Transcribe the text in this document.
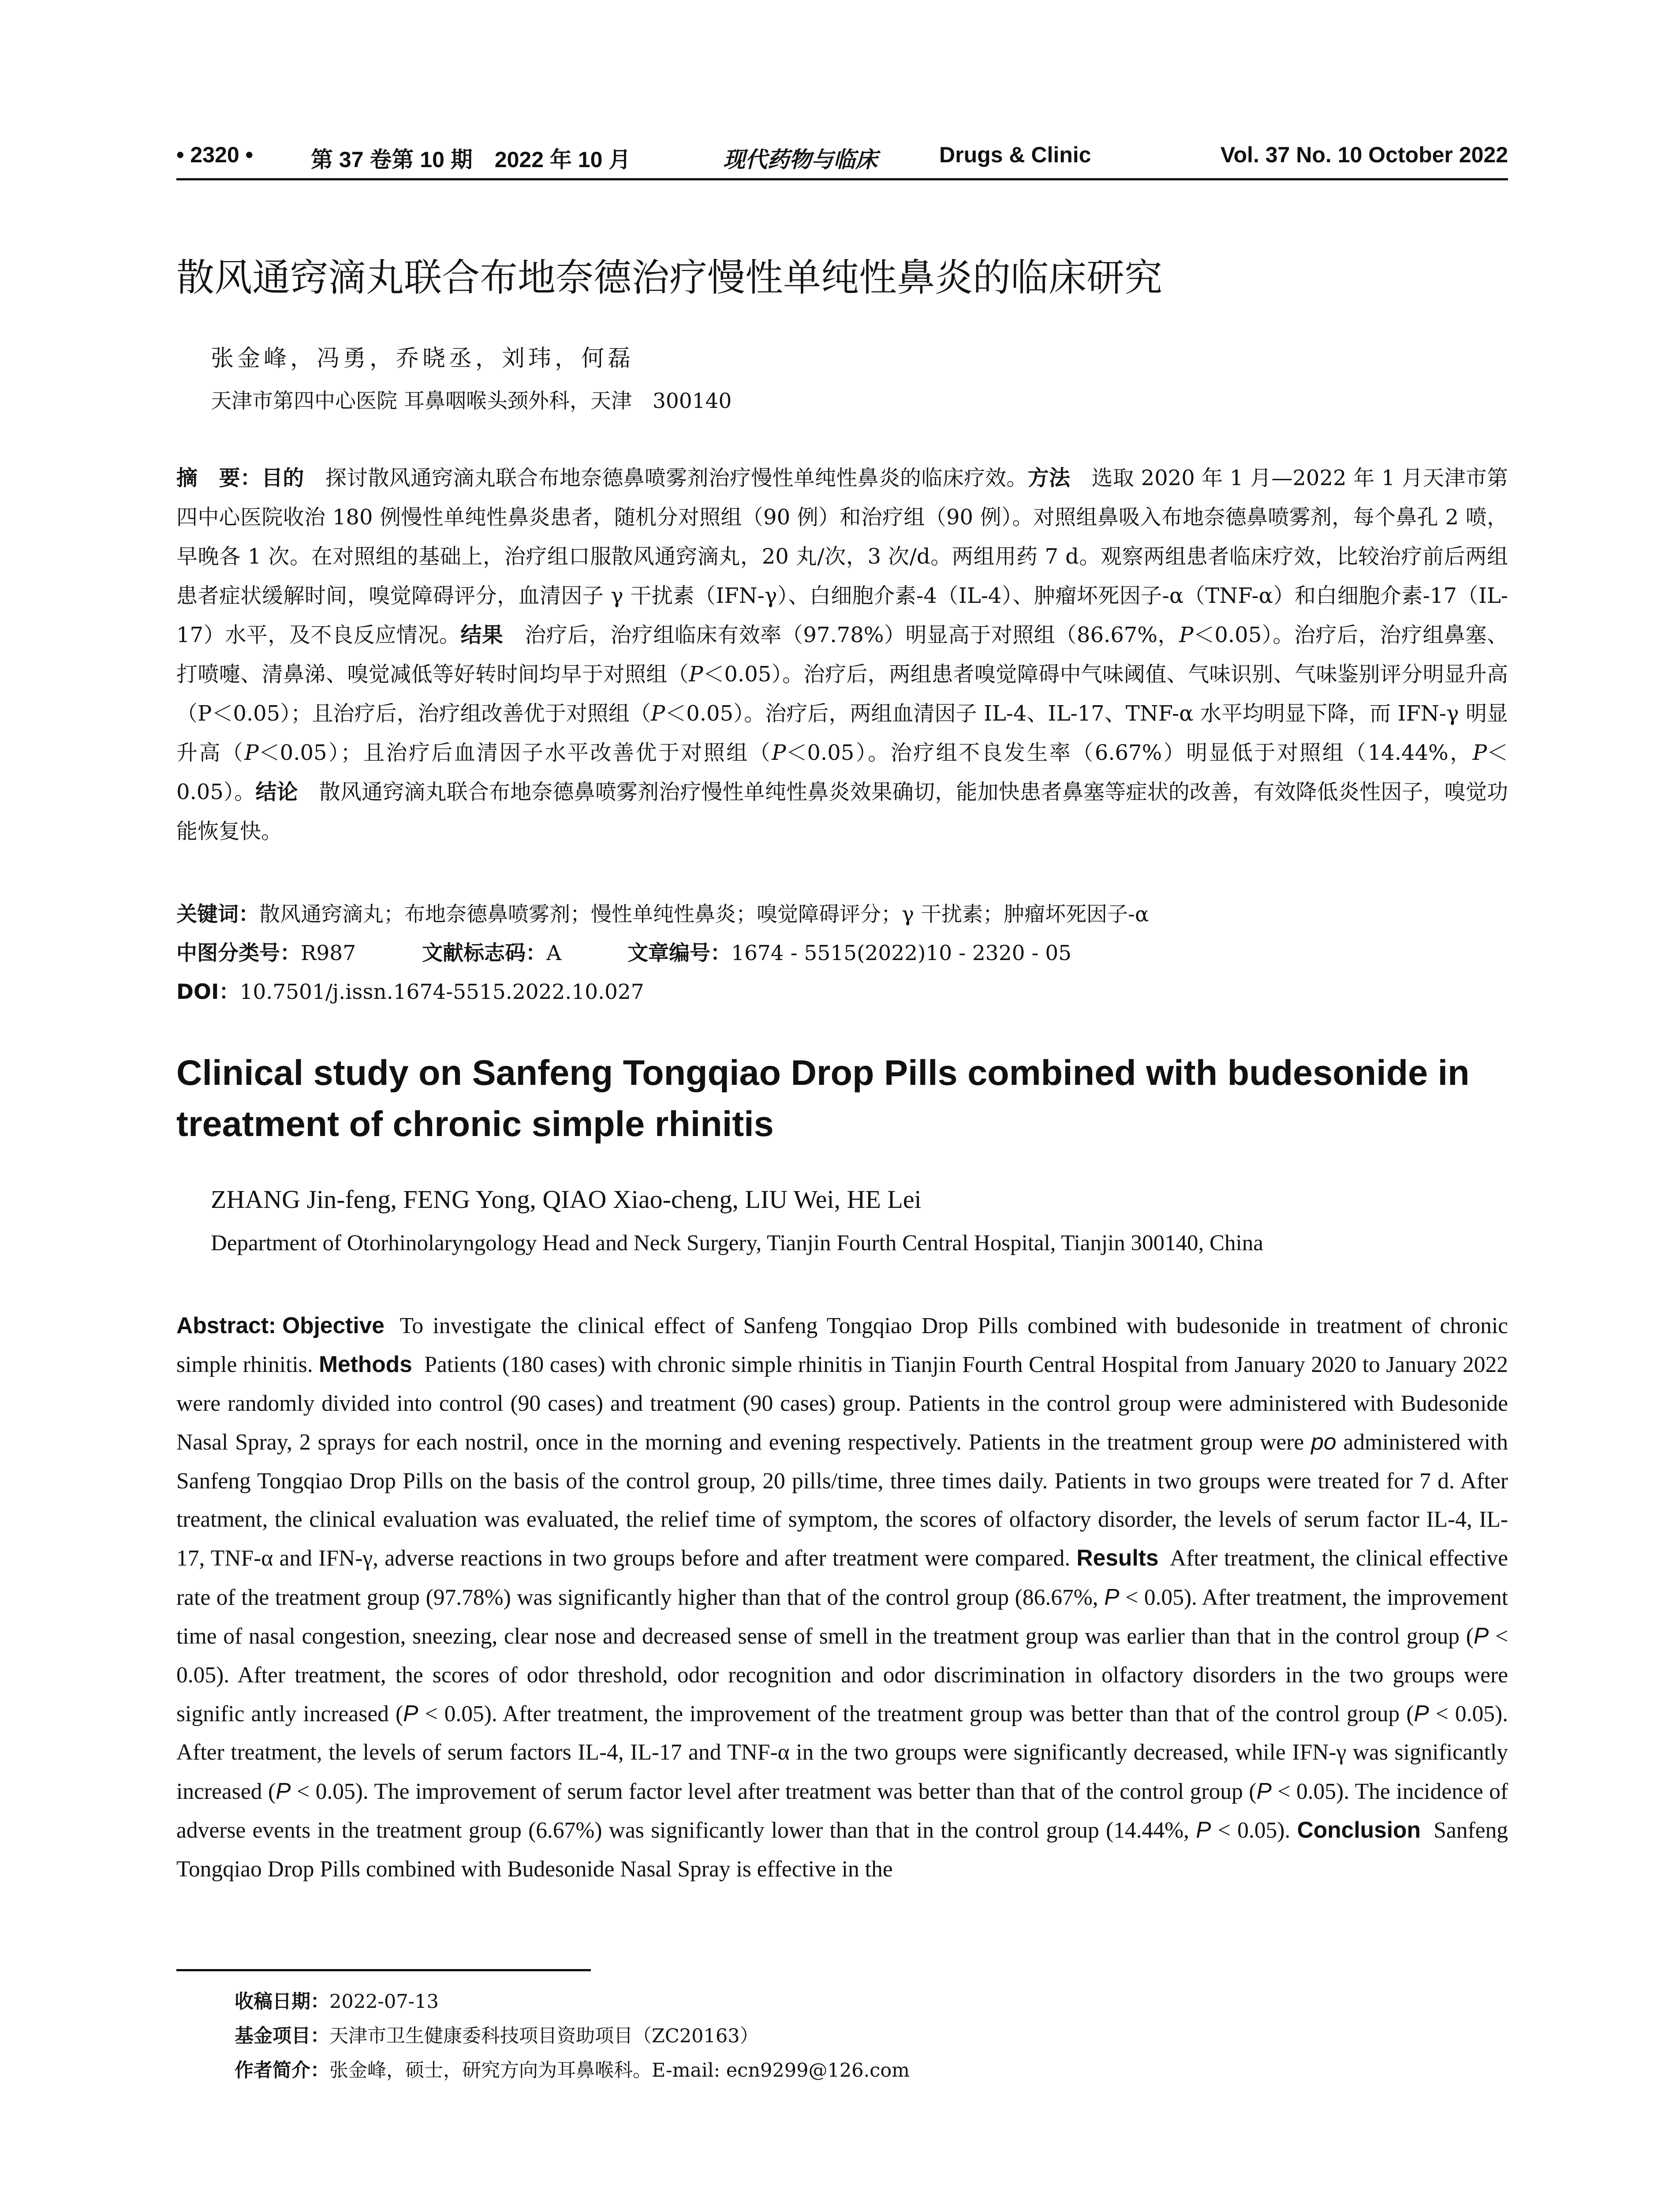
• 2320 •	第 37 卷第 10 期　2022 年 10 月	现代药物与临床	Drugs & Clinic	Vol. 37 No. 10 October 2022
散风通窍滴丸联合布地奈德治疗慢性单纯性鼻炎的临床研究
张金峰，冯勇，乔晓丞，刘玮，何磊
天津市第四中心医院 耳鼻咽喉头颈外科，天津　300140
摘　要：目的　 探讨散风通窍滴丸联合布地奈德鼻喷雾剂治疗慢性单纯性鼻炎的临床疗效。方法　 选取 2020 年 1 月—2022 年 1 月天津市第四中心医院收治 180 例慢性单纯性鼻炎患者，随机分对照组（90 例）和治疗组（90 例）。对照组鼻吸入布地奈德鼻喷雾剂，每个鼻孔 2 喷，早晚各 1 次。在对照组的基础上，治疗组口服散风通窍滴丸，20 丸/次，3 次/d。两组用药 7 d。观察两组患者临床疗效，比较治疗前后两组患者症状缓解时间，嗅觉障碍评分，血清因子 γ 干扰素（IFN-γ）、白细胞介素-4（IL-4）、肿瘤坏死因子-α（TNF-α）和白细胞介素-17（IL-17）水平，及不良反应情况。结果　 治疗后，治疗组临床有效率（97.78%）明显高于对照组（86.67%，P＜0.05）。治疗后，治疗组鼻塞、打喷嚏、清鼻涕、嗅觉减低等好转时间均早于对照组（P＜0.05）。治疗后，两组患者嗅觉障碍中气味阈值、气味识别、气味鉴别评分明显升高（P＜0.05）；且治疗后，治疗组改善优于对照组（P＜0.05）。治疗后，两组血清因子 IL-4、IL-17、TNF-α 水平均明显下降，而 IFN-γ 明显升高（P＜0.05）；且治疗后血清因子水平改善优于对照组（P＜0.05）。治疗组不良发生率（6.67%）明显低于对照组（14.44%，P＜0.05）。结论　 散风通窍滴丸联合布地奈德鼻喷雾剂治疗慢性单纯性鼻炎效果确切，能加快患者鼻塞等症状的改善，有效降低炎性因子，嗅觉功能恢复快。
关键词：散风通窍滴丸；布地奈德鼻喷雾剂；慢性单纯性鼻炎；嗅觉障碍评分；γ 干扰素；肿瘤坏死因子-α
中图分类号：R987	文献标志码：A	文章编号：1674 - 5515(2022)10 - 2320 - 05
DOI：10.7501/j.issn.1674-5515.2022.10.027
Clinical study on Sanfeng Tongqiao Drop Pills combined with budesonide in treatment of chronic simple rhinitis
ZHANG Jin-feng, FENG Yong, QIAO Xiao-cheng, LIU Wei, HE Lei
Department of Otorhinolaryngology Head and Neck Surgery, Tianjin Fourth Central Hospital, Tianjin 300140, China
Abstract: Objective To investigate the clinical effect of Sanfeng Tongqiao Drop Pills combined with budesonide in treatment of chronic simple rhinitis. Methods Patients (180 cases) with chronic simple rhinitis in Tianjin Fourth Central Hospital from January 2020 to January 2022 were randomly divided into control (90 cases) and treatment (90 cases) group. Patients in the control group were administered with Budesonide Nasal Spray, 2 sprays for each nostril, once in the morning and evening respectively. Patients in the treatment group were po administered with Sanfeng Tongqiao Drop Pills on the basis of the control group, 20 pills/time, three times daily. Patients in two groups were treated for 7 d. After treatment, the clinical evaluation was evaluated, the relief time of symptom, the scores of olfactory disorder, the levels of serum factor IL-4, IL-17, TNF-α and IFN-γ, adverse reactions in two groups before and after treatment were compared. Results After treatment, the clinical effective rate of the treatment group (97.78%) was significantly higher than that of the control group (86.67%, P < 0.05). After treatment, the improvement time of nasal congestion, sneezing, clear nose and decreased sense of smell in the treatment group was earlier than that in the control group (P < 0.05). After treatment, the scores of odor threshold, odor recognition and odor discrimination in olfactory disorders in the two groups were signific antly increased (P < 0.05). After treatment, the improvement of the treatment group was better than that of the control group (P < 0.05). After treatment, the levels of serum factors IL-4, IL-17 and TNF-α in the two groups were significantly decreased, while IFN-γ was significantly increased (P < 0.05). The improvement of serum factor level after treatment was better than that of the control group (P < 0.05). The incidence of adverse events in the treatment group (6.67%) was significantly lower than that in the control group (14.44%, P < 0.05). Conclusion Sanfeng Tongqiao Drop Pills combined with Budesonide Nasal Spray is effective in the
收稿日期：2022-07-13
基金项目：天津市卫生健康委科技项目资助项目（ZC20163）
作者简介：张金峰，硕士，研究方向为耳鼻喉科。E-mail: ecn9299@126.com
